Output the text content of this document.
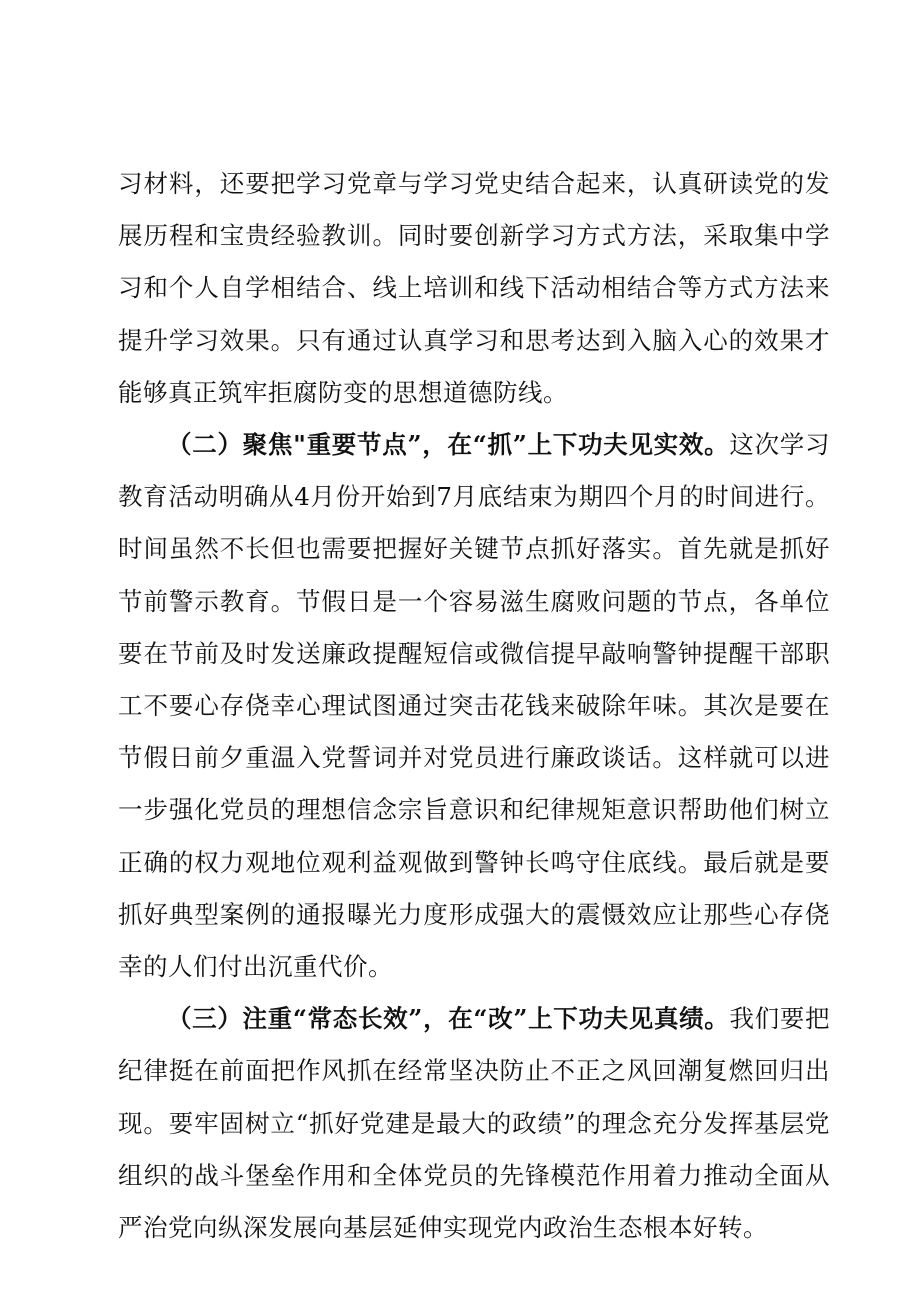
习材料，还要把学习党章与学习党史结合起来，认真研读党的发展历程和宝贵经验教训。同时要创新学习方式方法，采取集中学习和个人自学相结合、线上培训和线下活动相结合等方式方法来提升学习效果。只有通过认真学习和思考达到入脑入心的效果才能够真正筑牢拒腐防变的思想道德防线。

（二）聚焦"重要节点”，在“抓”上下功夫见实效。这次学习教育活动明确从4月份开始到7月底结束为期四个月的时间进行。时间虽然不长但也需要把握好关键节点抓好落实。首先就是抓好节前警示教育。节假日是一个容易滋生腐败问题的节点，各单位要在节前及时发送廉政提醒短信或微信提早敲响警钟提醒干部职工不要心存侥幸心理试图通过突击花钱来破除年味。其次是要在节假日前夕重温入党誓词并对党员进行廉政谈话。这样就可以进一步强化党员的理想信念宗旨意识和纪律规矩意识帮助他们树立正确的权力观地位观利益观做到警钟长鸣守住底线。最后就是要抓好典型案例的通报曝光力度形成强大的震慑效应让那些心存侥幸的人们付出沉重代价。

（三）注重“常态长效”，在“改”上下功夫见真绩。我们要把纪律挺在前面把作风抓在经常坚决防止不正之风回潮复燃回归出现。要牢固树立“抓好党建是最大的政绩”的理念充分发挥基层党组织的战斗堡垒作用和全体党员的先锋模范作用着力推动全面从严治党向纵深发展向基层延伸实现党内政治生态根本好转。
